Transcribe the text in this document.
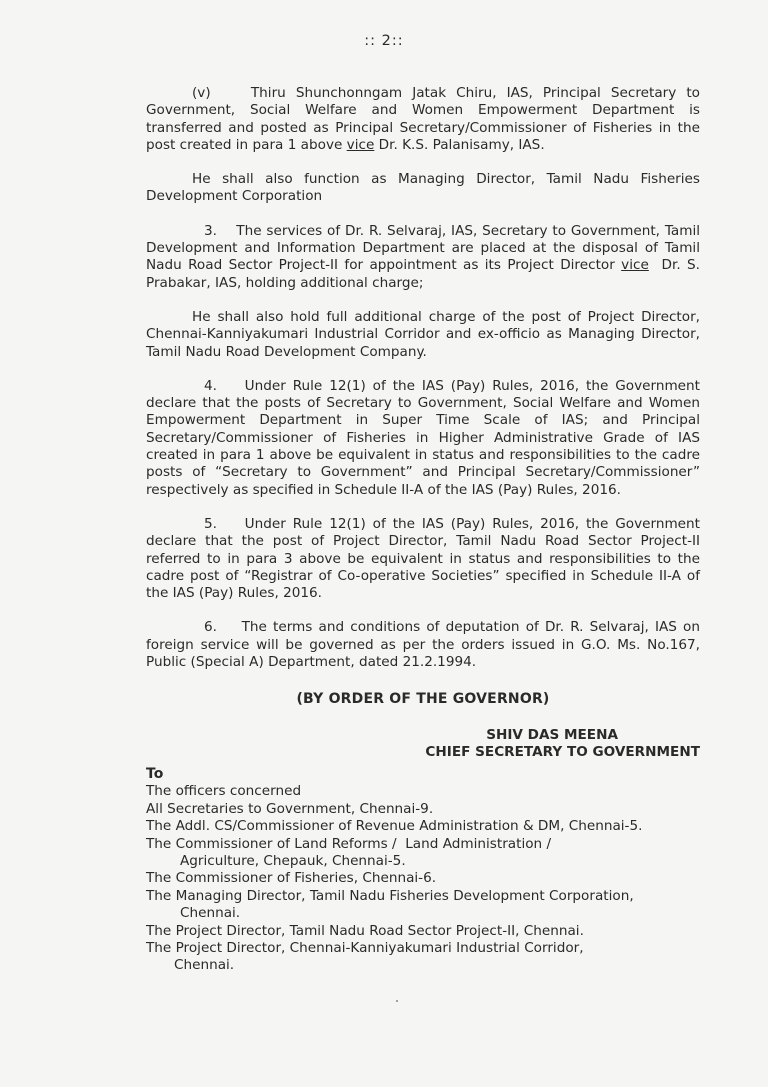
:: 2::

(v)    Thiru Shunchonngam Jatak Chiru, IAS, Principal Secretary to Government, Social Welfare and Women Empowerment Department is transferred and posted as Principal Secretary/Commissioner of Fisheries in the post created in para 1 above vice Dr. K.S. Palanisamy, IAS.

He shall also function as Managing Director, Tamil Nadu Fisheries Development Corporation

3.    The services of Dr. R. Selvaraj, IAS, Secretary to Government, Tamil Development and Information Department are placed at the disposal of Tamil Nadu Road Sector Project-II for appointment as its Project Director vice  Dr. S. Prabakar, IAS, holding additional charge;

He shall also hold full additional charge of the post of Project Director, Chennai-Kanniyakumari Industrial Corridor and ex-officio as Managing Director, Tamil Nadu Road Development Company.

4.    Under Rule 12(1) of the IAS (Pay) Rules, 2016, the Government declare that the posts of Secretary to Government, Social Welfare and Women Empowerment Department in Super Time Scale of IAS; and Principal Secretary/Commissioner of Fisheries in Higher Administrative Grade of IAS created in para 1 above be equivalent in status and responsibilities to the cadre posts of “Secretary to Government” and Principal Secretary/Commissioner” respectively as specified in Schedule II-A of the IAS (Pay) Rules, 2016.

5.    Under Rule 12(1) of the IAS (Pay) Rules, 2016, the Government declare that the post of Project Director, Tamil Nadu Road Sector Project-II referred to in para 3 above be equivalent in status and responsibilities to the cadre post of “Registrar of Co-operative Societies” specified in Schedule II-A of the IAS (Pay) Rules, 2016.

6.    The terms and conditions of deputation of Dr. R. Selvaraj, IAS on foreign service will be governed as per the orders issued in G.O. Ms. No.167, Public (Special A) Department, dated 21.2.1994.

(BY ORDER OF THE GOVERNOR)
SHIV DAS MEENA
CHIEF SECRETARY TO GOVERNMENT
To
The officers concerned
All Secretaries to Government, Chennai-9.
The Addl. CS/Commissioner of Revenue Administration & DM, Chennai-5.
The Commissioner of Land Reforms /  Land Administration /
Agriculture, Chepauk, Chennai-5.
The Commissioner of Fisheries, Chennai-6.
The Managing Director, Tamil Nadu Fisheries Development Corporation,
Chennai.
The Project Director, Tamil Nadu Road Sector Project-II, Chennai.
The Project Director, Chennai-Kanniyakumari Industrial Corridor,
Chennai.
